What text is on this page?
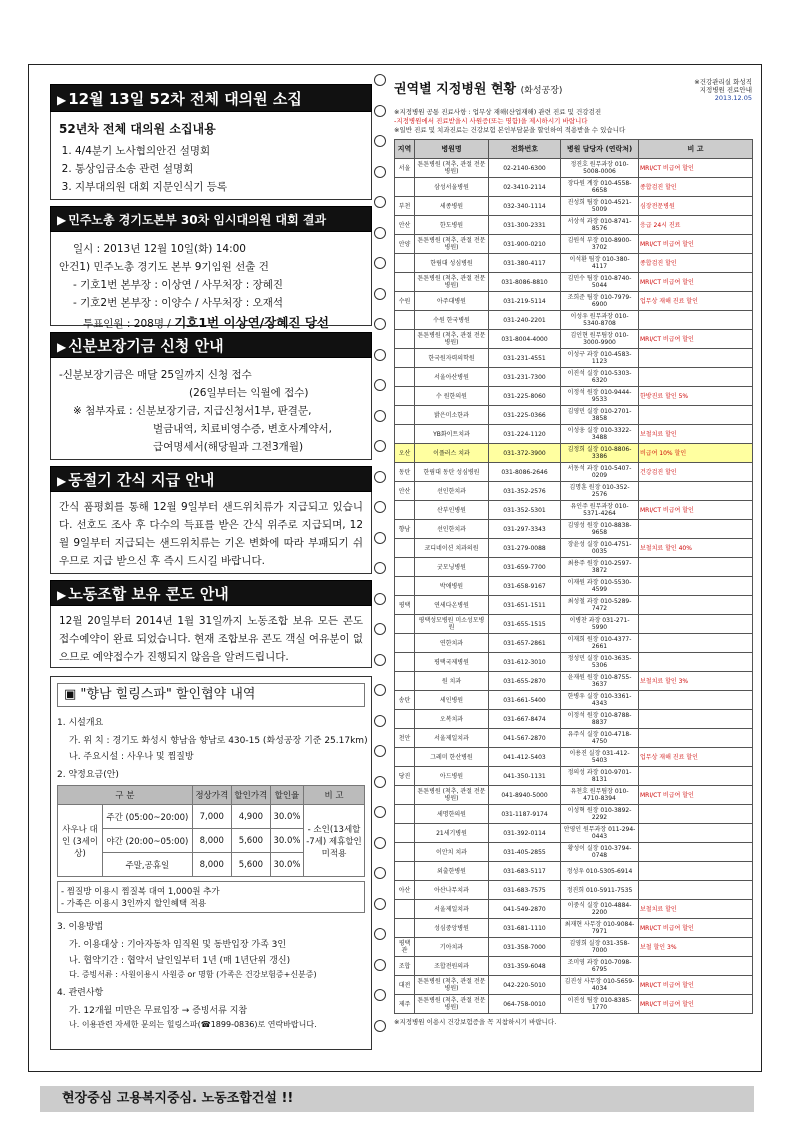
▶ 12월 13일 52차 전체 대의원 소집
52년차 전체 대의원 소집내용
1. 4/4분기 노사협의안건 설명회
2. 통상임금소송 관련 설명회
3. 지부대의원 대회 지문인식기 등록
▶ 민주노총 경기도본부 30차 임시대의원 대회 결과
일시 : 2013년 12월 10일(화) 14:00
안건1) 민주노총 경기도 본부 9기임원 선출 건
- 기호1번 본부장 : 이상연 / 사무처장 : 장혜진
- 기호2번 본부장 : 이양수 / 사무처장 : 오재석
투표인원 : 208명 / 기호1번 이상연/장혜진 당선
▶ 신분보장기금 신청 안내
-신분보장기금은 매달 25일까지 신청 접수
(26일부터는 익월에 접수)
※ 첨부자료 : 신분보장기금, 지급신청서1부, 판결문,
벌금내역, 치료비영수증, 변호사계약서,
급여명세서(해당월과 그전3개월)
▶ 동절기 간식 지급 안내
간식 품평회를 통해 12월 9일부터 샌드위치류가 지급되고 있습니다. 선호도 조사 후 다수의 득표를 받은 간식 위주로 지급되며, 12월 9일부터 지급되는 샌드위치류는 기온 변화에 따라 부패되기 쉬우므로 지급 받으신 후 즉시 드시길 바랍니다.
▶ 노동조합 보유 콘도 안내
12월 20일부터 2014년 1월 31일까지 노동조합 보유 모든 콘도 접수예약이 완료 되었습니다. 현재 조합보유 콘도 객실 여유분이 없으므로 예약접수가 진행되지 않음을 알려드립니다.
▣ "향남 힐링스파" 할인협약 내역
1. 시설개요
가. 위 치 : 경기도 화성시 향남읍 향남로 430-15 (화성공장 기준 25.17km)
나. 주요시설 : 사우나 및 찜질방
2. 약정요금(안)
구 분		정상가격	할인가격	할인율	비 고
사우나 대인 (3세이상)	주간 (05:00~20:00)	7,000	4,900	30.0%	- 소인(13세할 -7세) 제휴할인 미적용
	야간 (20:00~05:00)	8,000	5,600	30.0%	
	주말,공휴일	8,000	5,600	30.0%	
- 찜질방 이용시 찜질복 대여 1,000원 추가
- 가족은 이용시 3인까지 할인혜택 적용
3. 이용방법
가. 이용대상 : 기아자동차 임직원 및 동반입장 가족 3인
나. 협약기간 : 협약서 날인일부터 1년 (매 1년단위 갱신)
다. 증빙서류 : 사원이용시 사원증 or 명함 (가족은 건강보험증+신분증)
4. 관련사항
가. 12개월 미만은 무료입장 → 증빙서류 지참
나. 이용관련 자세한 문의는 힐링스파(☎1899-0836)로 연락바랍니다.
권역별 지정병원 현황 (화성공장)
※건강관리실 화성직
지정병원 진료안내
2013.12.05
※지정병원 공통 진료사항 : 업무상 재해(산업재해) 관련 진료 및 건강검진
-지정병원에서 진료받을시 사원증(또는 명함)을 제시하시기 바랍니다
※일반 진료 및 치과진료는 건강보험 본인부담분을 할인하여 적용받을 수 있습니다
지역	병원명	전화번호	병원 담당자 (연락처)	비 고
서울	튼튼병원 (척추, 관절 전문병원)	02-2140-6300	정진호 원무과장 010-5008-0006	MRI/CT 비급여 할인
	삼성서울병원	02-3410-2114	장다원 계장 010-4558-6658	종합검진 할인
부천	세종병원	032-340-1114	진성희 팀장 010-4521-5009	심장전문병원
안산	한도병원	031-300-2331	서상석 과장 010-8741-8576	응급 24시 진료
안양	튼튼병원 (척추, 관절 전문병원)	031-900-0210	김원석 부장 010-8900-3702	MRI/CT 비급여 할인
	한림대 성심병원	031-380-4117	이석환 팀장 010-380-4117	종합검진 할인
	튼튼병원 (척추, 관절 전문병원)	031-8086-8810	김민수 팀장 010-8740-5044	MRI/CT 비급여 할인
수원	아주대병원	031-219-5114	조희준 팀장 010-7979-6900	업무상 재해 진료 할인
	수원 한국병원	031-240-2201	이성우 원무과장 010-5340-8708	
	튼튼병원 (척추, 관절 전문병원)	031-8004-4000	김인현 원무팀장 010-3000-9900	MRI/CT 비급여 할인
	한국원자력의학원	031-231-4551	이성구 과장 010-4583-1123	
	서울아산병원	031-231-7300	이진석 실장 010-5303-6320	
	수 원한의원	031-225-8060	이정석 원장 010-9444-9533	한방진료 할인 5%
	밝은미소한과	031-225-0366	김영민 실장 010-2701-3858	
	YB화이트치과	031-224-1120	이성웅 실장 010-3322-3488	보철치료 할인
오산	이플러스 치과	031-372-3900	김정희 실장 010-8806-3386	비급여 10% 할인
동탄	한림대 동탄 성심병원	031-8086-2646	서동석 과장 010-5407-0209	건강검진 할인
안산	선인한치과	031-352-2576	김명훈 원장 010-352-2576	
	산부인병원	031-352-5301	유인주 원무과장 010-5371-4264	MRI/CT 비급여 할인
향남	선인한치과	031-297-3343	김영성 원장 010-8838-9658	
	코디네이션 치과의원	031-279-0088	장윤성 실장 010-4751-0035	보철치료 할인 40%
	굿모닝병원	031-659-7700	최용주 원장 010-2597-3872	
	박애병원	031-658-9167	이재원 과장 010-5530-4599	
평택	연세다온병원	031-651-1511	최성철 과장 010-5289-7472	
	평택성모병원 미소성모병원	031-655-1515	이병찬 과장 031-271-5990	
	연한치과	031-657-2861	이재희 원장 010-4377-2661	
	평택국제병원	031-612-3010	정성민 실장 010-3635-5306	
	원 치과	031-655-2870	윤재원 원장 010-8755-3637	보철치료 할인 3%
송탄	세인병원	031-661-5400	한병우 실장 010-3361-4343	
	오복치과	031-667-8474	이정석 원장 010-8788-8837	
천안	서울제일치과	041-567-2870	유주식 실장 010-4718-4750	
	그레미 한산병원	041-412-5403	이용진 실장 031-412-5403	업무상 재해 진료 할인
당진	아드병원	041-350-1131	정의성 과장 010-9701-8131	
	튼튼병원 (척추, 관절 전문병원)	041-8940-5000	유천호 원무팀장 010-4710-8394	MRI/CT 비급여 할인
	세명한의원	031-1187-9174	이성혁 원장 010-3892-2292	
	21세기병원	031-392-0114	안영인 원무과장 011-294-0443	
	이안치 치과	031-405-2855	황성이 실장 010-3794-0748	
	외출한병원	031-683-5117	정성우 010-5305-6914	
아산	아산나무치과	031-683-7575	정진희 010-5911-7535	
	서울제일치과	041-549-2870	이중식 실장 010-4884-2200	보철치료 할인
	성심중앙병원	031-681-1110	최재현 사무장 010-9084-7971	MRI/CT 비급여 할인
평택관	기아치과	031-358-7000	김영희 실장 031-358-7000	보철 할인 3%
조합	조합전원의과	031-359-6048	조미영 과장 010-7098-6795	
대전	튼튼병원 (척추, 관절 전문병원)	042-220-5010	김진성 사무장 010-5659-4034	MRI/CT 비급여 할인
제주	튼튼병원 (척추, 관절 전문병원)	064-758-0010	이진성 팀장 010-8385-1770	MRI/CT 비급여 할인
※지정병원 이용시 건강보험증을 꼭 지참하시기 바랍니다.
현장중심 고용복지중심. 노동조합건설 !!
